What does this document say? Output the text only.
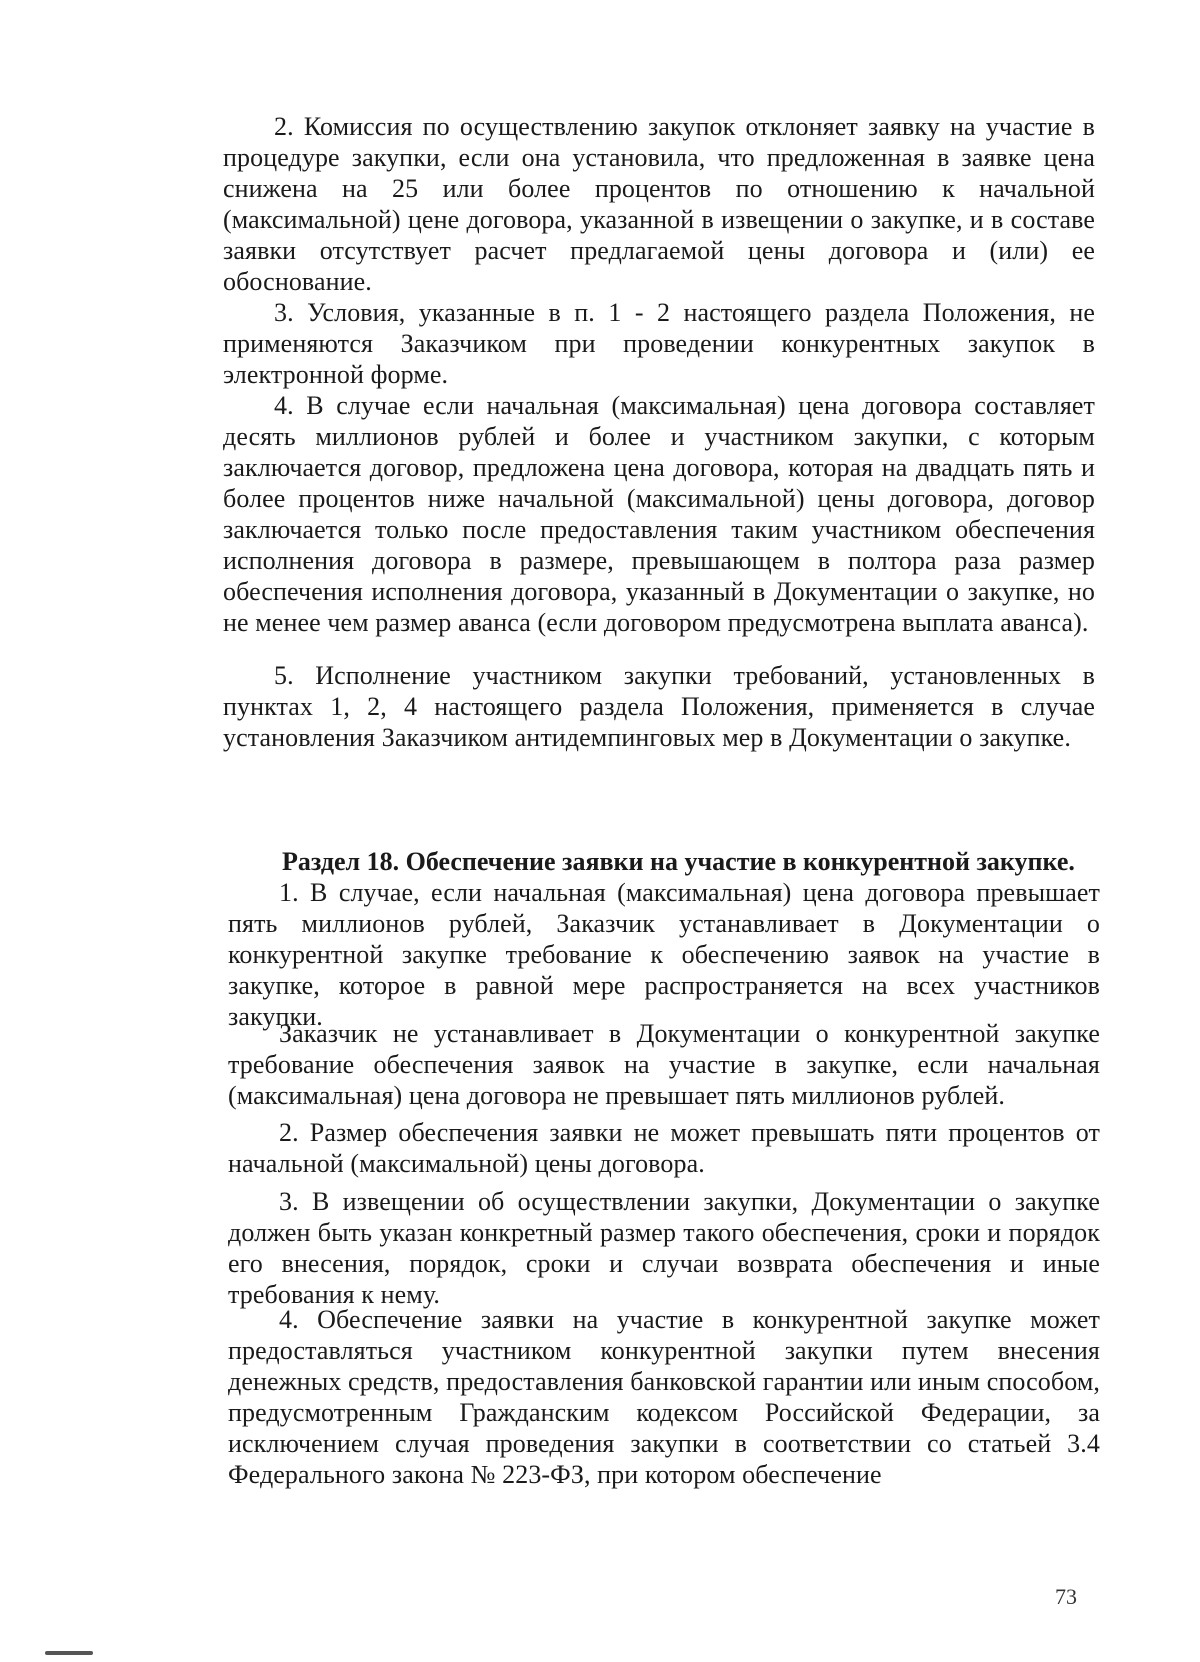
2. Комиссия по осуществлению закупок отклоняет заявку на участие в процедуре закупки, если она установила, что предложенная в заявке цена снижена на 25 или более процентов по отношению к начальной (максимальной) цене договора, указанной в извещении о закупке, и в составе заявки отсутствует расчет предлагаемой цены договора и (или) ее обоснование.

3. Условия, указанные в п. 1 - 2 настоящего раздела Положения, не применяются Заказчиком при проведении конкурентных закупок в электронной форме.

4. В случае если начальная (максимальная) цена договора составляет десять миллионов рублей и более и участником закупки, с которым заключается договор, предложена цена договора, которая на двадцать пять и более процентов ниже начальной (максимальной) цены договора, договор заключается только после предоставления таким участником обеспечения исполнения договора в размере, превышающем в полтора раза размер обеспечения исполнения договора, указанный в Документации о закупке, но не менее чем размер аванса (если договором предусмотрена выплата аванса).

5. Исполнение участником закупки требований, установленных в пунктах 1, 2, 4 настоящего раздела Положения, применяется в случае установления Заказчиком антидемпинговых мер в Документации о закупке.

Раздел 18. Обеспечение заявки на участие в конкурентной закупке.

1. В случае, если начальная (максимальная) цена договора превышает пять миллионов рублей, Заказчик устанавливает в Документации о конкурентной закупке требование к обеспечению заявок на участие в закупке, которое в равной мере распространяется на всех участников закупки.

Заказчик не устанавливает в Документации о конкурентной закупке требование обеспечения заявок на участие в закупке, если начальная (максимальная) цена договора не превышает пять миллионов рублей.

2. Размер обеспечения заявки не может превышать пяти процентов от начальной (максимальной) цены договора.

3. В извещении об осуществлении закупки, Документации о закупке должен быть указан конкретный размер такого обеспечения, сроки и порядок его внесения, порядок, сроки и случаи возврата обеспечения и иные требования к нему.

4. Обеспечение заявки на участие в конкурентной закупке может предоставляться участником конкурентной закупки путем внесения денежных средств, предоставления банковской гарантии или иным способом, предусмотренным Гражданским кодексом Российской Федерации, за исключением случая проведения закупки в соответствии со статьей 3.4 Федерального закона № 223-ФЗ, при котором обеспечение

73
